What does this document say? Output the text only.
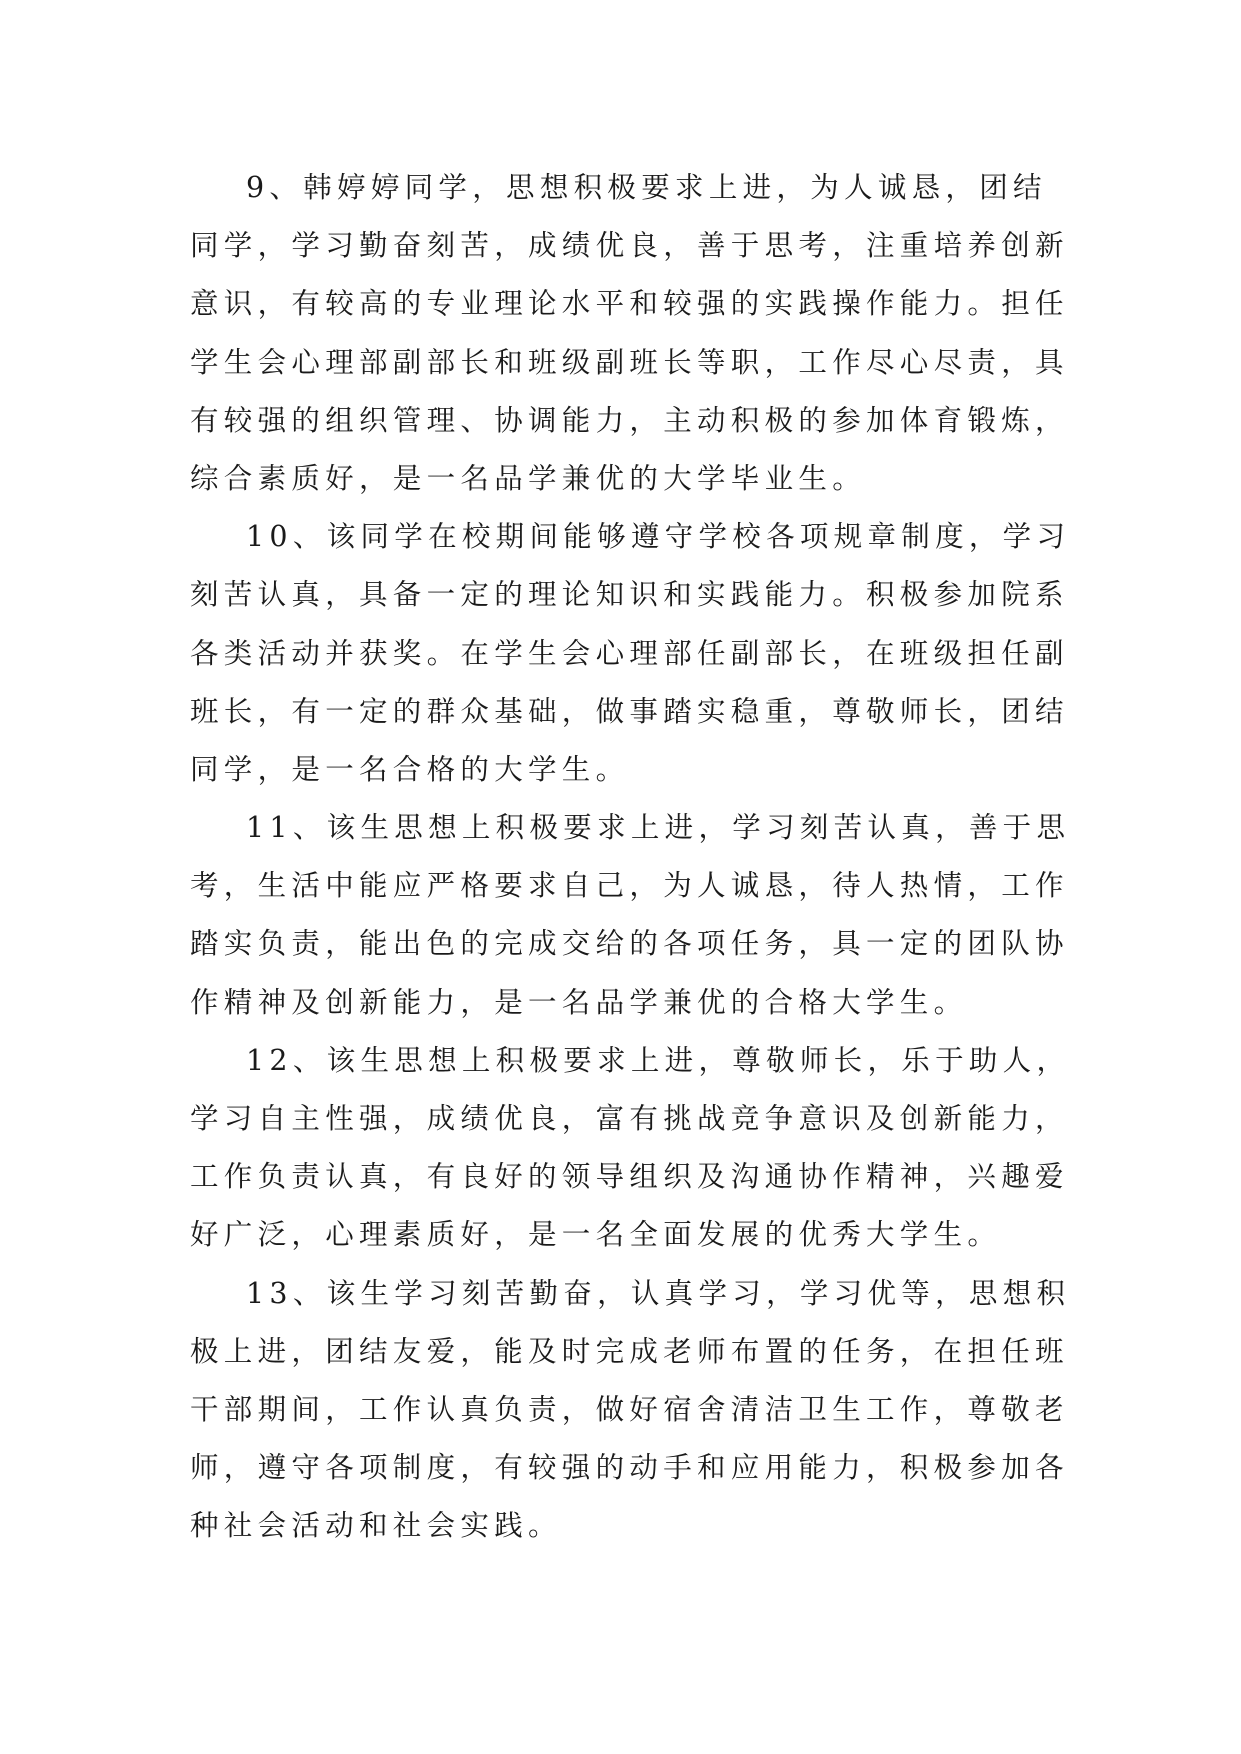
9、韩婷婷同学，思想积极要求上进，为人诚恳，团结
同学，学习勤奋刻苦，成绩优良，善于思考，注重培养创新
意识，有较高的专业理论水平和较强的实践操作能力。担任
学生会心理部副部长和班级副班长等职，工作尽心尽责，具
有较强的组织管理、协调能力，主动积极的参加体育锻炼，
综合素质好，是一名品学兼优的大学毕业生。
10、该同学在校期间能够遵守学校各项规章制度，学习
刻苦认真，具备一定的理论知识和实践能力。积极参加院系
各类活动并获奖。在学生会心理部任副部长，在班级担任副
班长，有一定的群众基础，做事踏实稳重，尊敬师长，团结
同学，是一名合格的大学生。
11、该生思想上积极要求上进，学习刻苦认真，善于思
考，生活中能应严格要求自己，为人诚恳，待人热情，工作
踏实负责，能出色的完成交给的各项任务，具一定的团队协
作精神及创新能力，是一名品学兼优的合格大学生。
12、该生思想上积极要求上进，尊敬师长，乐于助人，
学习自主性强，成绩优良，富有挑战竞争意识及创新能力，
工作负责认真，有良好的领导组织及沟通协作精神，兴趣爱
好广泛，心理素质好，是一名全面发展的优秀大学生。
13、该生学习刻苦勤奋，认真学习，学习优等，思想积
极上进，团结友爱，能及时完成老师布置的任务，在担任班
干部期间，工作认真负责，做好宿舍清洁卫生工作，尊敬老
师，遵守各项制度，有较强的动手和应用能力，积极参加各
种社会活动和社会实践。
